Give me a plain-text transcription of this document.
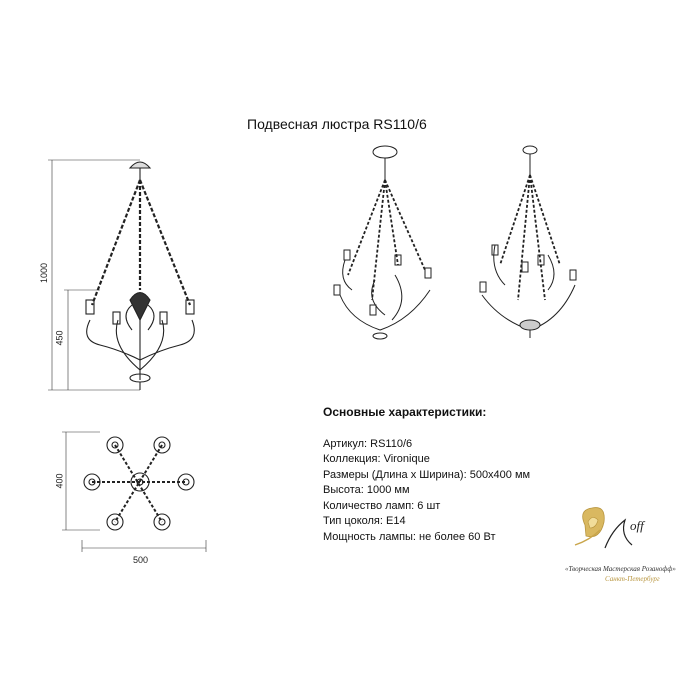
Подвесная люстра RS110/6
1000
450
400
500
Основные характеристики:
Артикул: RS110/6
Коллекция: Vironique
Размеры (Длина х Ширина): 500х400 мм
Высота: 1000 мм
Количество ламп: 6 шт
Тип цоколя: E14
Мощность лампы: не более 60 Вт
off
«Творческая Мастерская Розанофф»
Санкт-Петербург
